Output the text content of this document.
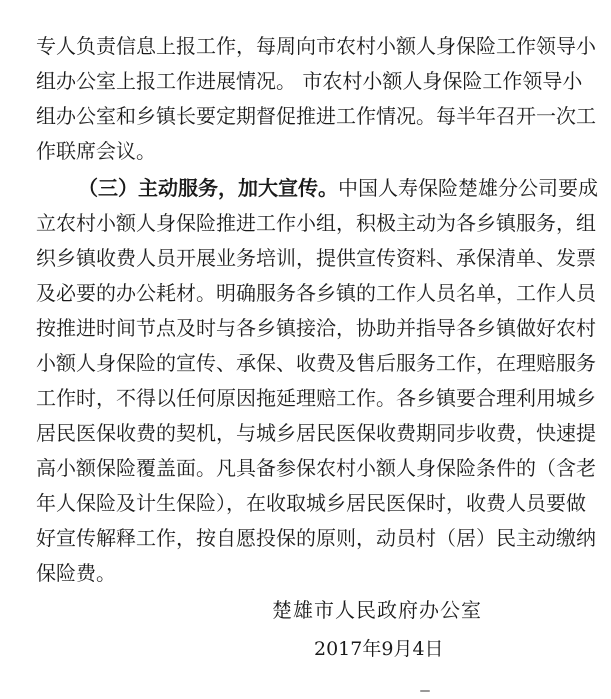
专人负责信息上报工作，每周向市农村小额人身保险工作领导小
组办公室上报工作进展情况。 市农村小额人身保险工作领导小
组办公室和乡镇长要定期督促推进工作情况。每半年召开一次工
作联席会议。
（三）主动服务，加大宣传。中国人寿保险楚雄分公司要成
立农村小额人身保险推进工作小组，积极主动为各乡镇服务，组
织乡镇收费人员开展业务培训，提供宣传资料、承保清单、发票
及必要的办公耗材。明确服务各乡镇的工作人员名单，工作人员
按推进时间节点及时与各乡镇接洽，协助并指导各乡镇做好农村
小额人身保险的宣传、承保、收费及售后服务工作，在理赔服务
工作时，不得以任何原因拖延理赔工作。各乡镇要合理利用城乡
居民医保收费的契机，与城乡居民医保收费期同步收费，快速提
高小额保险覆盖面。凡具备参保农村小额人身保险条件的（含老
年人保险及计生保险），在收取城乡居民医保时，收费人员要做
好宣传解释工作，按自愿投保的原则，动员村（居）民主动缴纳
保险费。
楚雄市人民政府办公室
2017年9月4日
